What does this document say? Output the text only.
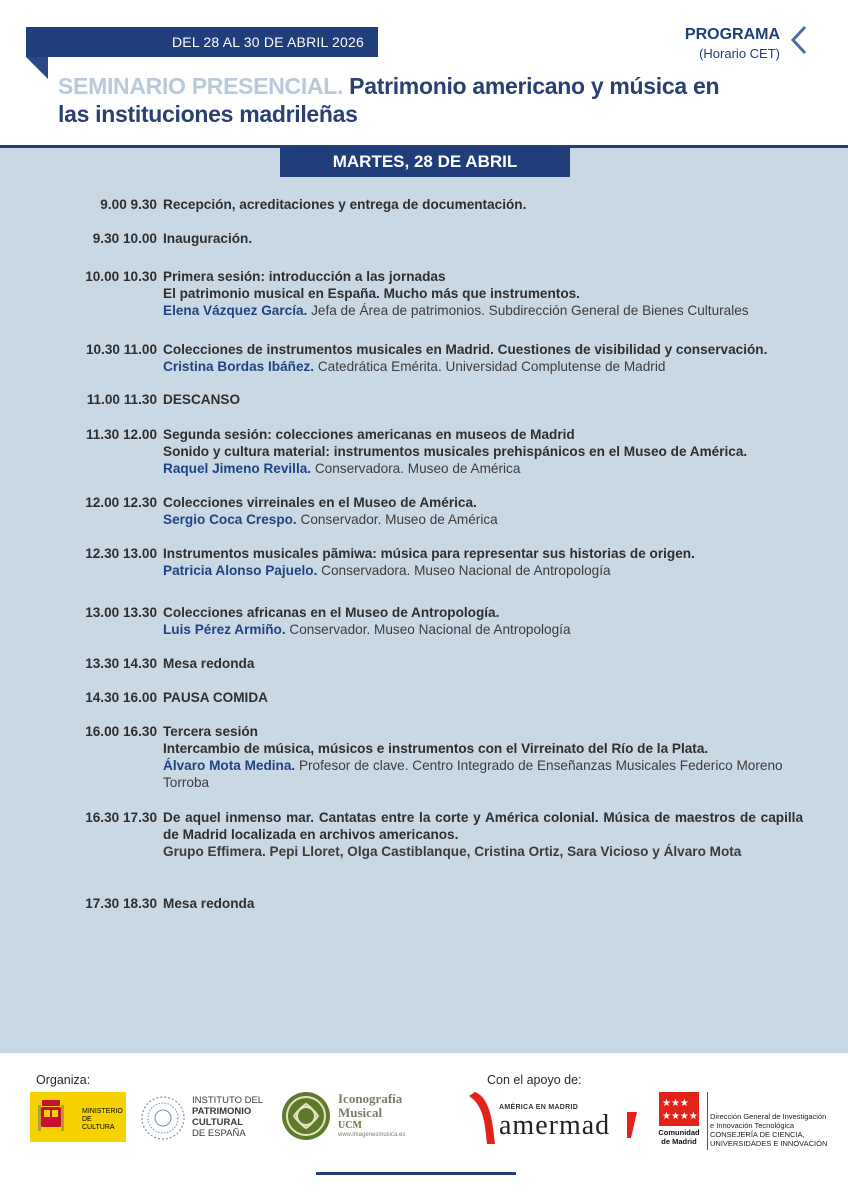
DEL 28 AL 30 DE ABRIL 2026	PROGRAMA
(Horario CET)
SEMINARIO PRESENCIAL. Patrimonio americano y música en las instituciones madrileñas
MARTES, 28 DE ABRIL
9.00 9.30 Recepción, acreditaciones y entrega de documentación.
9.30 10.00 Inauguración.
10.00 10.30 Primera sesión: introducción a las jornadas
El patrimonio musical en España. Mucho más que instrumentos.
Elena Vázquez García. Jefa de Área de patrimonios. Subdirección General de Bienes Culturales
10.30 11.00 Colecciones de instrumentos musicales en Madrid. Cuestiones de visibilidad y conservación.
Cristina Bordas Ibáñez. Catedrática Emérita. Universidad Complutense de Madrid
11.00 11.30 DESCANSO
11.30 12.00 Segunda sesión: colecciones americanas en museos de Madrid
Sonido y cultura material: instrumentos musicales prehispánicos en el Museo de América.
Raquel Jimeno Revilla. Conservadora. Museo de América
12.00 12.30 Colecciones virreinales en el Museo de América.
Sergio Coca Crespo. Conservador. Museo de América
12.30 13.00 Instrumentos musicales pãmiwa: música para representar sus historias de origen.
Patricia Alonso Pajuelo. Conservadora. Museo Nacional de Antropología
13.00 13.30 Colecciones africanas en el Museo de Antropología.
Luis Pérez Armiño. Conservador. Museo Nacional de Antropología
13.30 14.30 Mesa redonda
14.30 16.00 PAUSA COMIDA
16.00 16.30 Tercera sesión
Intercambio de música, músicos e instrumentos con el Virreinato del Río de la Plata.
Álvaro Mota Medina. Profesor de clave. Centro Integrado de Enseñanzas Musicales Federico Moreno Torroba
16.30 17.30 De aquel inmenso mar. Cantatas entre la corte y América colonial. Música de maestros de capilla de Madrid localizada en archivos americanos.
Grupo Effimera. Pepi Lloret, Olga Castiblanque, Cristina Ortiz, Sara Vicioso y Álvaro Mota
17.30 18.30 Mesa redonda
Organiza:	Con el apoyo de:
MINISTERIO DE CULTURA
INSTITUTO DEL
PATRIMONIO
CULTURAL
DE ESPAÑA
Iconografía
Musical
UCM
www.imagenesmusica.es
AMÉRICA EN MADRID
amermad
★★★
★★★★
Comunidad
de Madrid
Dirección General de Investigación
e Innovación Tecnológica
CONSEJERÍA DE CIENCIA,
UNIVERSIDADES E INNOVACIÓN
